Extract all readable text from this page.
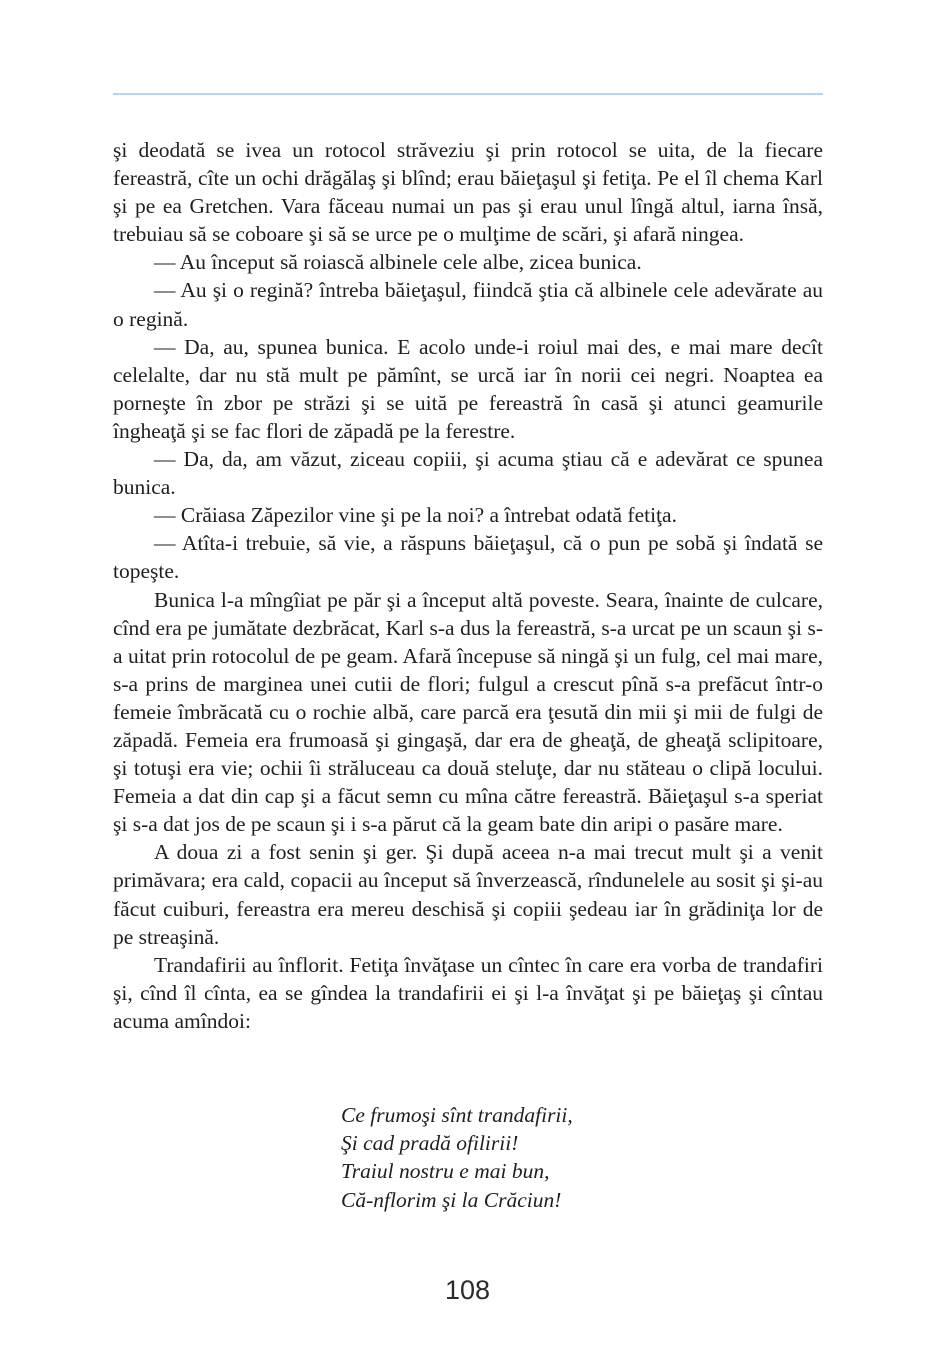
şi deodată se ivea un rotocol străveziu şi prin rotocol se uita, de la fiecare fereastră, cîte un ochi drăgălaş şi blînd; erau băieţaşul şi fetiţa. Pe el îl chema Karl şi pe ea Gretchen. Vara făceau numai un pas şi erau unul lîngă altul, iarna însă, trebuiau să se coboare şi să se urce pe o mulţime de scări, şi afară ningea.

— Au început să roiască albinele cele albe, zicea bunica.

— Au şi o regină? întreba băieţaşul, fiindcă ştia că albinele cele adevărate au o regină.

— Da, au, spunea bunica. E acolo unde-i roiul mai des, e mai mare decît celelalte, dar nu stă mult pe pămînt, se urcă iar în norii cei negri. Noaptea ea porneşte în zbor pe străzi şi se uită pe fereastră în casă şi atunci geamurile îngheaţă şi se fac flori de zăpadă pe la ferestre.

— Da, da, am văzut, ziceau copiii, şi acuma ştiau că e adevărat ce spunea bunica.

— Crăiasa Zăpezilor vine şi pe la noi? a întrebat odată fetiţa.

— Atîta-i trebuie, să vie, a răspuns băieţaşul, că o pun pe sobă şi îndată se topeşte.

Bunica l-a mîngîiat pe păr şi a început altă poveste. Seara, înainte de culcare, cînd era pe jumătate dezbrăcat, Karl s-a dus la fereastră, s-a urcat pe un scaun şi s-a uitat prin rotocolul de pe geam. Afară începuse să ningă şi un fulg, cel mai mare, s-a prins de marginea unei cutii de flori; fulgul a crescut pînă s-a prefăcut într-o femeie îmbrăcată cu o rochie albă, care parcă era ţesută din mii şi mii de fulgi de zăpadă. Femeia era frumoasă şi gingaşă, dar era de gheaţă, de gheaţă sclipitoare, şi totuşi era vie; ochii îi străluceau ca două steluţe, dar nu stăteau o clipă locului. Femeia a dat din cap şi a făcut semn cu mîna către fereastră. Băieţaşul s-a speriat şi s-a dat jos de pe scaun şi i s-a părut că la geam bate din aripi o pasăre mare.

A doua zi a fost senin şi ger. Şi după aceea n-a mai trecut mult şi a venit primăvara; era cald, copacii au început să înverzească, rîndunelele au sosit şi şi-au făcut cuiburi, fereastra era mereu deschisă şi copiii şedeau iar în grădiniţa lor de pe streaşină.

Trandafirii au înflorit. Fetiţa învăţase un cîntec în care era vorba de trandafiri şi, cînd îl cînta, ea se gîndea la trandafirii ei şi l-a învăţat şi pe băieţaş şi cîntau acuma amîndoi:

Ce frumoşi sînt trandafirii,
Şi cad pradă ofilirii!
Traiul nostru e mai bun,
Că-nflorim şi la Crăciun!
108
